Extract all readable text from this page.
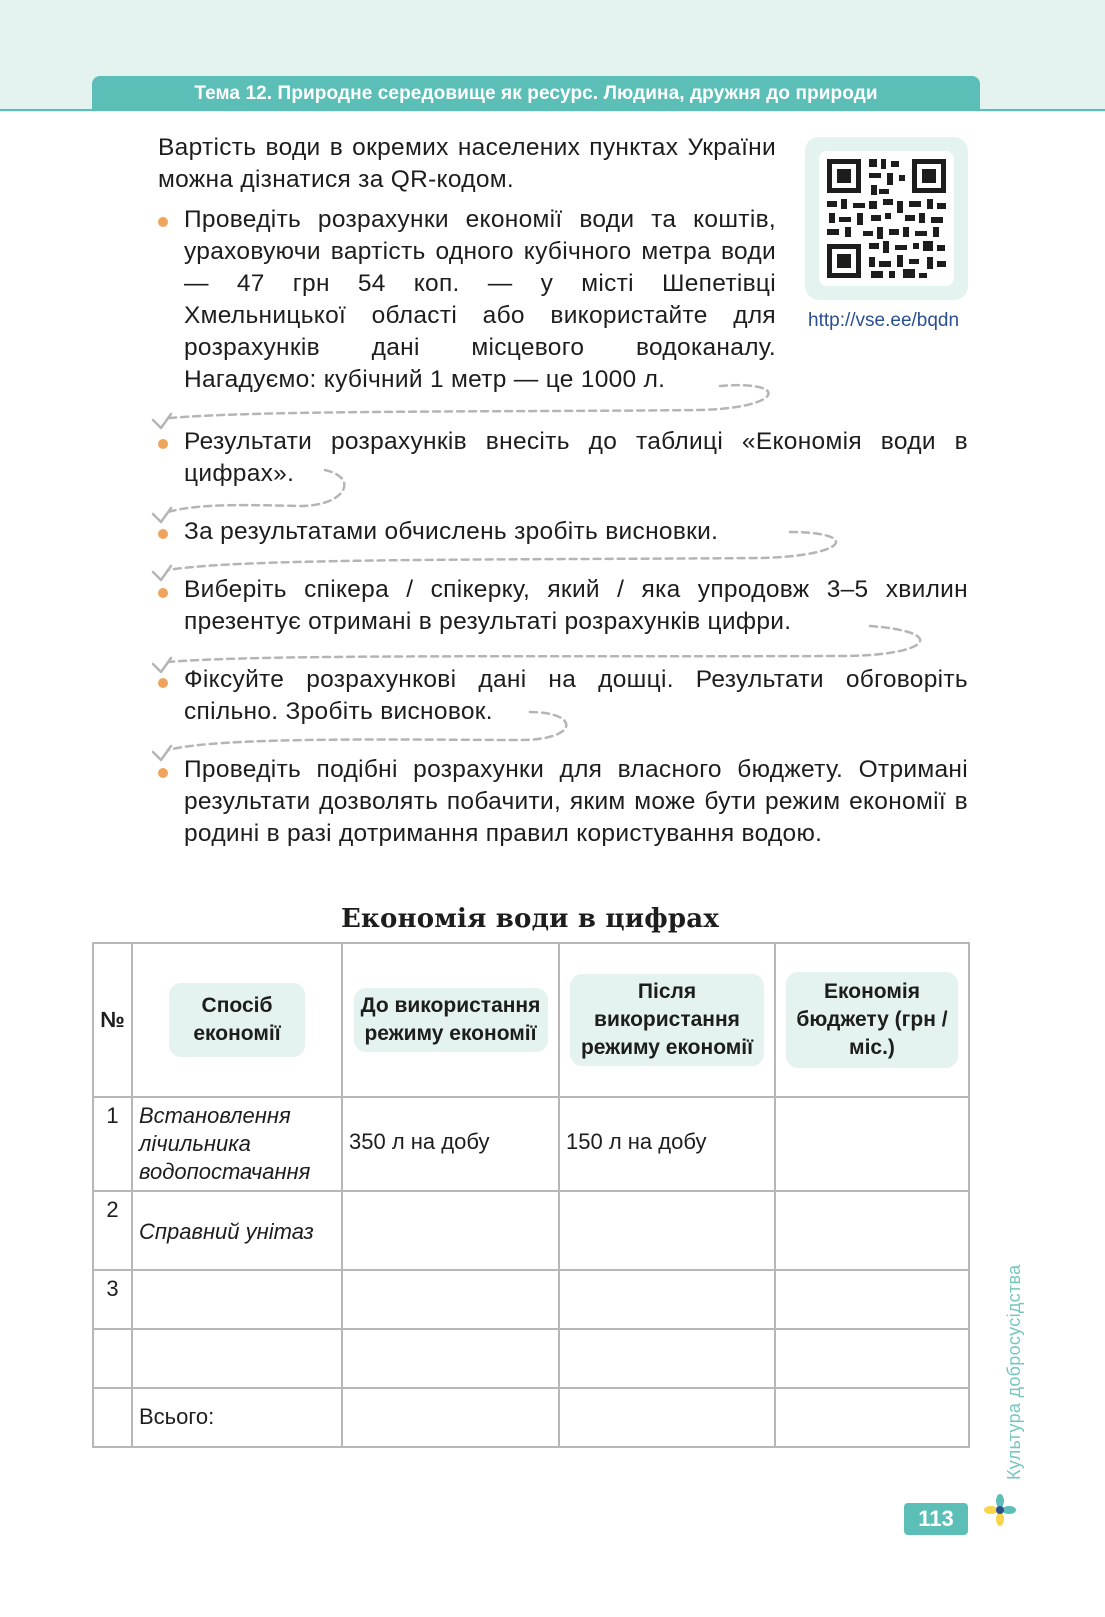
Тема 12. Природне середовище як ресурс. Людина, дружня до природи

Вартість води в окремих населених пунктах України можна дізнатися за QR-кодом.

http://vse.ee/bqdn

Проведіть розрахунки економії води та коштів, ураховуючи вартість одного кубічного метра води — 47 грн 54 коп. — у місті Шепетівці Хмельницької області або використайте для розрахунків дані місцевого водоканалу. Нагадуємо: кубічний 1 метр — це 1000 л.

Результати розрахунків внесіть до таблиці «Економія води в цифрах».

За результатами обчислень зробіть висновки.

Виберіть спікера / спікерку, який / яка упродовж 3–5 хвилин презентує отримані в результаті розрахунків цифри.

Фіксуйте розрахункові дані на дошці. Результати обговоріть спільно. Зробіть висновок.

Проведіть подібні розрахунки для власного бюджету. Отримані результати дозволять побачити, яким може бути режим економії в родині в разі дотримання правил користування водою.

Економія води в цифрах
№	Спосіб економії	До використання режиму економії	Після використання режиму економії	Економія бюджету (грн / міс.)

1	Встановлення лічильника водопостачання	350 л на добу	150 л на добу	

2	Справний унітаз			

3				

	Всього:			

		Культура добросусідства
113
